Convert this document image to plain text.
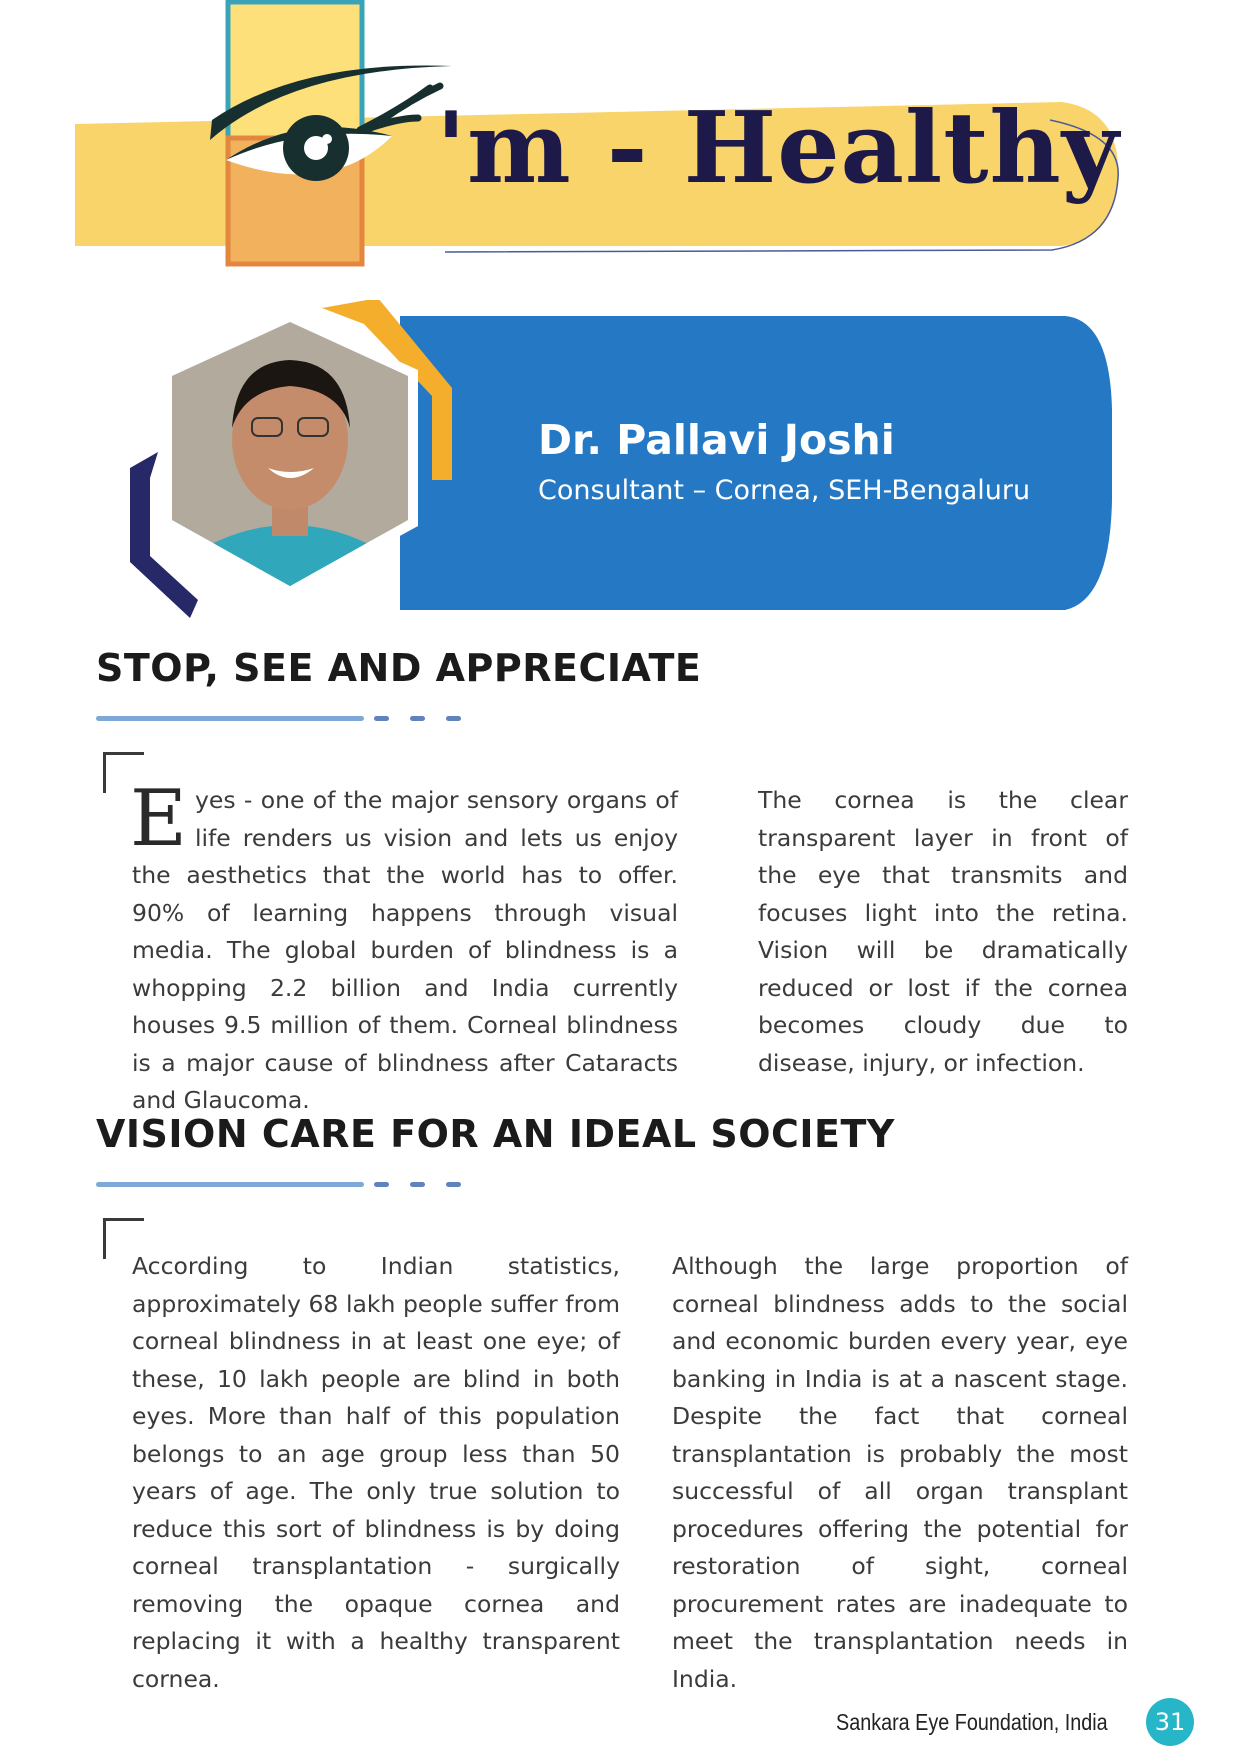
'm - Healthy
Dr. Pallavi Joshi
Consultant – Cornea, SEH-Bengaluru
STOP, SEE AND APPRECIATE

Eyes - one of the major sensory organs of life renders us vision and lets us enjoy the aesthetics that the world has to offer. 90% of learning happens through visual media. The global burden of blindness is a whopping 2.2 billion and India currently houses 9.5 million of them. Corneal blindness is a major cause of blindness after Cataracts and Glaucoma.

The cornea is the clear transparent layer in front of the eye that transmits and focuses light into the retina. Vision will be dramatically reduced or lost if the cornea becomes cloudy due to disease, injury, or infection.

VISION CARE FOR AN IDEAL SOCIETY

According to Indian statistics, approximately 68 lakh people suffer from corneal blindness in at least one eye; of these, 10 lakh people are blind in both eyes. More than half of this population belongs to an age group less than 50 years of age. The only true solution to reduce this sort of blindness is by doing corneal transplantation - surgically removing the opaque cornea and replacing it with a healthy transparent cornea.

Although the large proportion of corneal blindness adds to the social and economic burden every year, eye banking in India is at a nascent stage. Despite the fact that corneal transplantation is probably the most successful of all organ transplant procedures offering the potential for restoration of sight, corneal procurement rates are inadequate to meet the transplantation needs in India.

Sankara Eye Foundation, India	31
